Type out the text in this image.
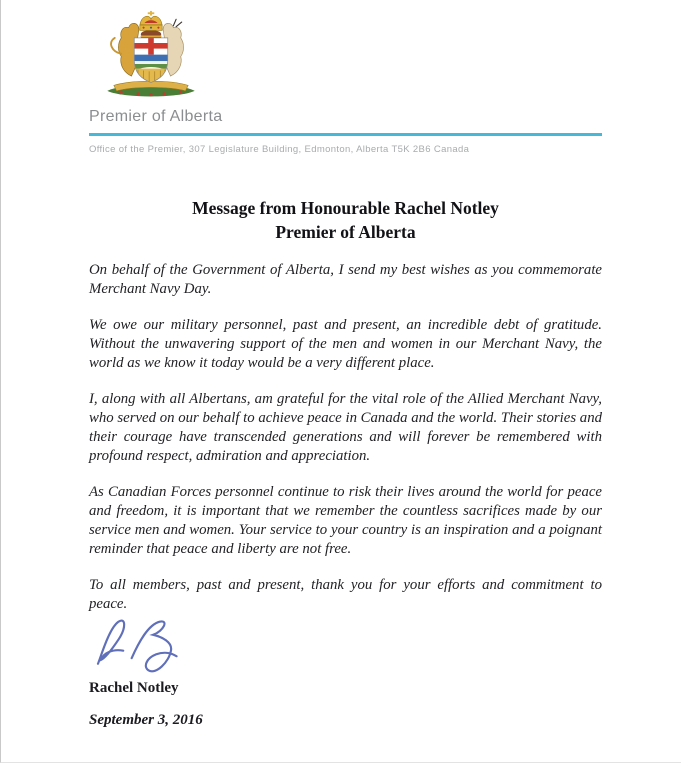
Premier of Alberta
Office of the Premier, 307 Legislature Building, Edmonton, Alberta T5K 2B6 Canada
Message from Honourable Rachel Notley
Premier of Alberta

On behalf of the Government of Alberta, I send my best wishes as you commemorate Merchant Navy Day.

We owe our military personnel, past and present, an incredible debt of gratitude. Without the unwavering support of the men and women in our Merchant Navy, the world as we know it today would be a very different place.

I, along with all Albertans, am grateful for the vital role of the Allied Merchant Navy, who served on our behalf to achieve peace in Canada and the world. Their stories and their courage have transcended generations and will forever be remembered with profound respect, admiration and appreciation.

As Canadian Forces personnel continue to risk their lives around the world for peace and freedom, it is important that we remember the countless sacrifices made by our service men and women. Your service to your country is an inspiration and a poignant reminder that peace and liberty are not free.

To all members, past and present, thank you for your efforts and commitment to peace.

Rachel Notley
September 3, 2016
